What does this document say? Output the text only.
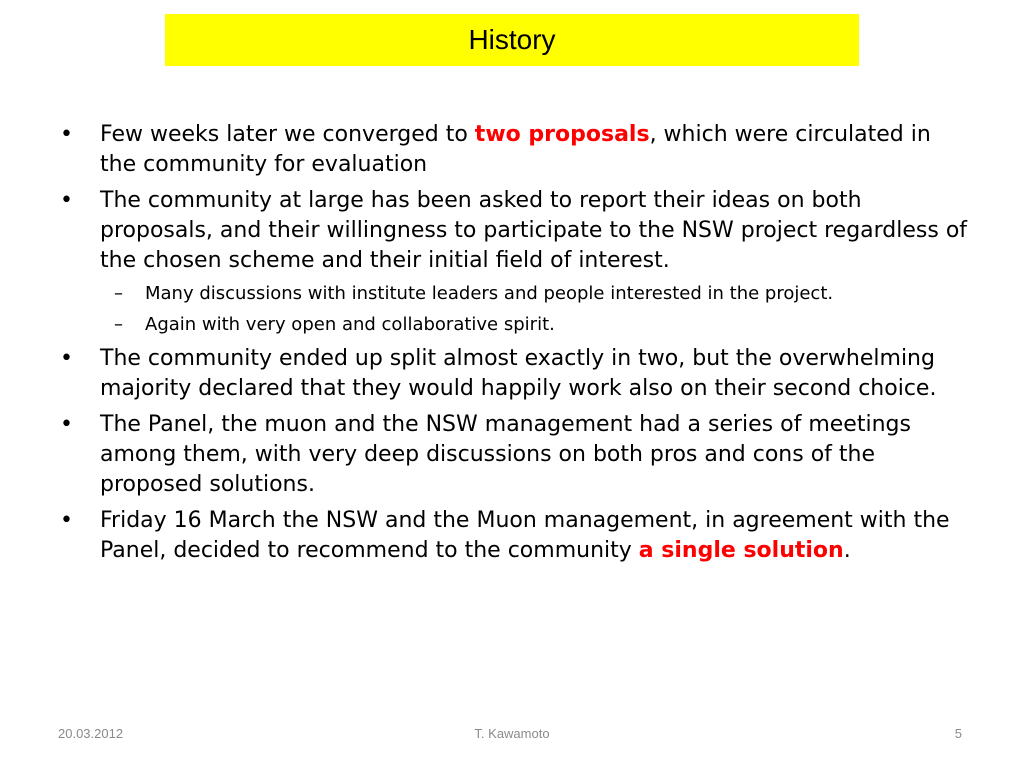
History
•	Few weeks later we converged to two proposals, which were circulated in the community for evaluation
•	The community at large has been asked to report their ideas on both proposals, and their willingness to participate to the NSW project regardless of the chosen scheme and their initial field of interest.
–	Many discussions with institute leaders and people interested in the project.
–	Again with very open and collaborative spirit.
•	The community ended up split almost exactly in two, but the overwhelming majority declared that they would happily work also on their second choice.
•	The Panel, the muon and the NSW management had a series of meetings among them, with very deep discussions on both pros and cons of the proposed solutions.
•	Friday 16 March the NSW and the Muon management, in agreement with the Panel, decided to recommend to the community a single solution.
20.03.2012	T. Kawamoto	5
